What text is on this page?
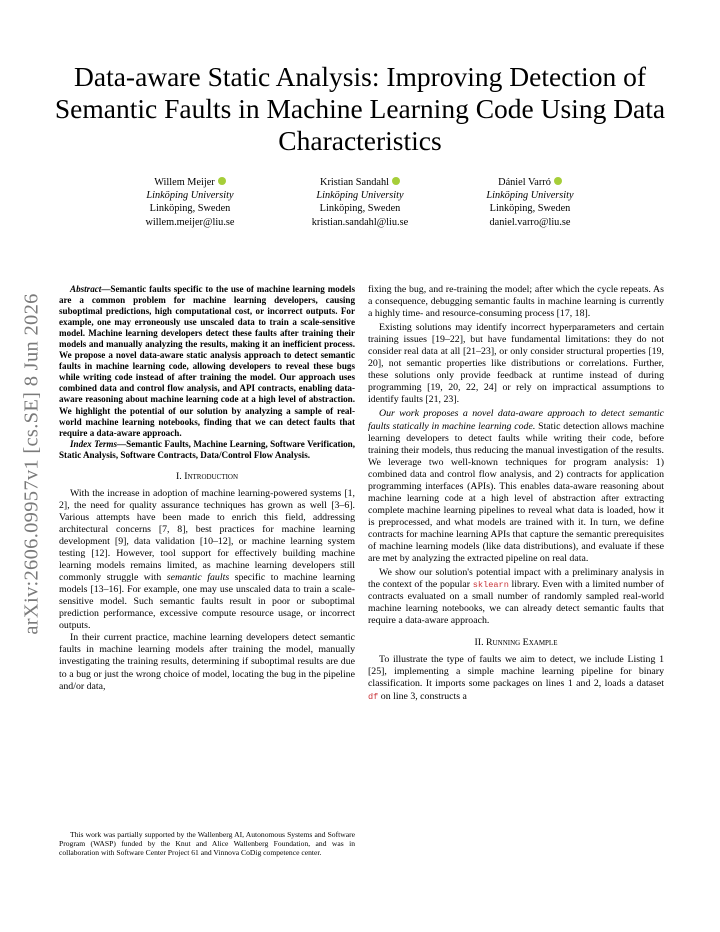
arXiv:2606.09957v1 [cs.SE] 8 Jun 2026
Data-aware Static Analysis: Improving Detection of Semantic Faults in Machine Learning Code Using Data Characteristics
Willem Meijer
Linköping University
Linköping, Sweden
willem.meijer@liu.se
Kristian Sandahl
Linköping University
Linköping, Sweden
kristian.sandahl@liu.se
Dániel Varró
Linköping University
Linköping, Sweden
daniel.varro@liu.se

Abstract—Semantic faults specific to the use of machine learning models are a common problem for machine learning developers, causing suboptimal predictions, high computational cost, or incorrect outputs. For example, one may erroneously use unscaled data to train a scale-sensitive model. Machine learning developers detect these faults after training their models and manually analyzing the results, making it an inefficient process. We propose a novel data-aware static analysis approach to detect semantic faults in machine learning code, allowing developers to reveal these bugs while writing code instead of after training the model. Our approach uses combined data and control flow analysis, and API contracts, enabling data-aware reasoning about machine learning code at a high level of abstraction. We highlight the potential of our solution by analyzing a sample of real-world machine learning notebooks, finding that we can detect faults that require a data-aware approach.

Index Terms—Semantic Faults, Machine Learning, Software Verification, Static Analysis, Software Contracts, Data/Control Flow Analysis.

I. Introduction

With the increase in adoption of machine learning-powered systems [1, 2], the need for quality assurance techniques has grown as well [3–6]. Various attempts have been made to enrich this field, addressing architectural concerns [7, 8], best practices for machine learning development [9], data validation [10–12], or machine learning system testing [12]. However, tool support for effectively building machine learning models remains limited, as machine learning developers still commonly struggle with semantic faults specific to machine learning models [13–16]. For example, one may use unscaled data to train a scale-sensitive model. Such semantic faults result in poor or suboptimal prediction performance, excessive compute resource usage, or incorrect outputs.

In their current practice, machine learning developers detect semantic faults in machine learning models after training the model, manually investigating the training results, determining if suboptimal results are due to a bug or just the wrong choice of model, locating the bug in the pipeline and/or data,

This work was partially supported by the Wallenberg AI, Autonomous Systems and Software Program (WASP) funded by the Knut and Alice Wallenberg Foundation, and was in collaboration with Software Center Project 61 and Vinnova CoDig competence center.

fixing the bug, and re-training the model; after which the cycle repeats. As a consequence, debugging semantic faults in machine learning is currently a highly time- and resource-consuming process [17, 18].

Existing solutions may identify incorrect hyperparameters and certain training issues [19–22], but have fundamental limitations: they do not consider real data at all [21–23], or only consider structural properties [19, 20], not semantic properties like distributions or correlations. Further, these solutions only provide feedback at runtime instead of during programming [19, 20, 22, 24] or rely on impractical assumptions to identify faults [21, 23].

Our work proposes a novel data-aware approach to detect semantic faults statically in machine learning code. Static detection allows machine learning developers to detect faults while writing their code, before training their models, thus reducing the manual investigation of the results. We leverage two well-known techniques for program analysis: 1) combined data and control flow analysis, and 2) contracts for application programming interfaces (APIs). This enables data-aware reasoning about machine learning code at a high level of abstraction after extracting complete machine learning pipelines to reveal what data is loaded, how it is preprocessed, and what models are trained with it. In turn, we define contracts for machine learning APIs that capture the semantic prerequisites of machine learning models (like data distributions), and evaluate if these are met by analyzing the extracted pipeline on real data.

We show our solution's potential impact with a preliminary analysis in the context of the popular sklearn library. Even with a limited number of contracts evaluated on a small number of randomly sampled real-world machine learning notebooks, we can already detect semantic faults that require a data-aware approach.

II. Running Example

To illustrate the type of faults we aim to detect, we include Listing 1 [25], implementing a simple machine learning pipeline for binary classification. It imports some packages on lines 1 and 2, loads a dataset df on line 3, constructs a
